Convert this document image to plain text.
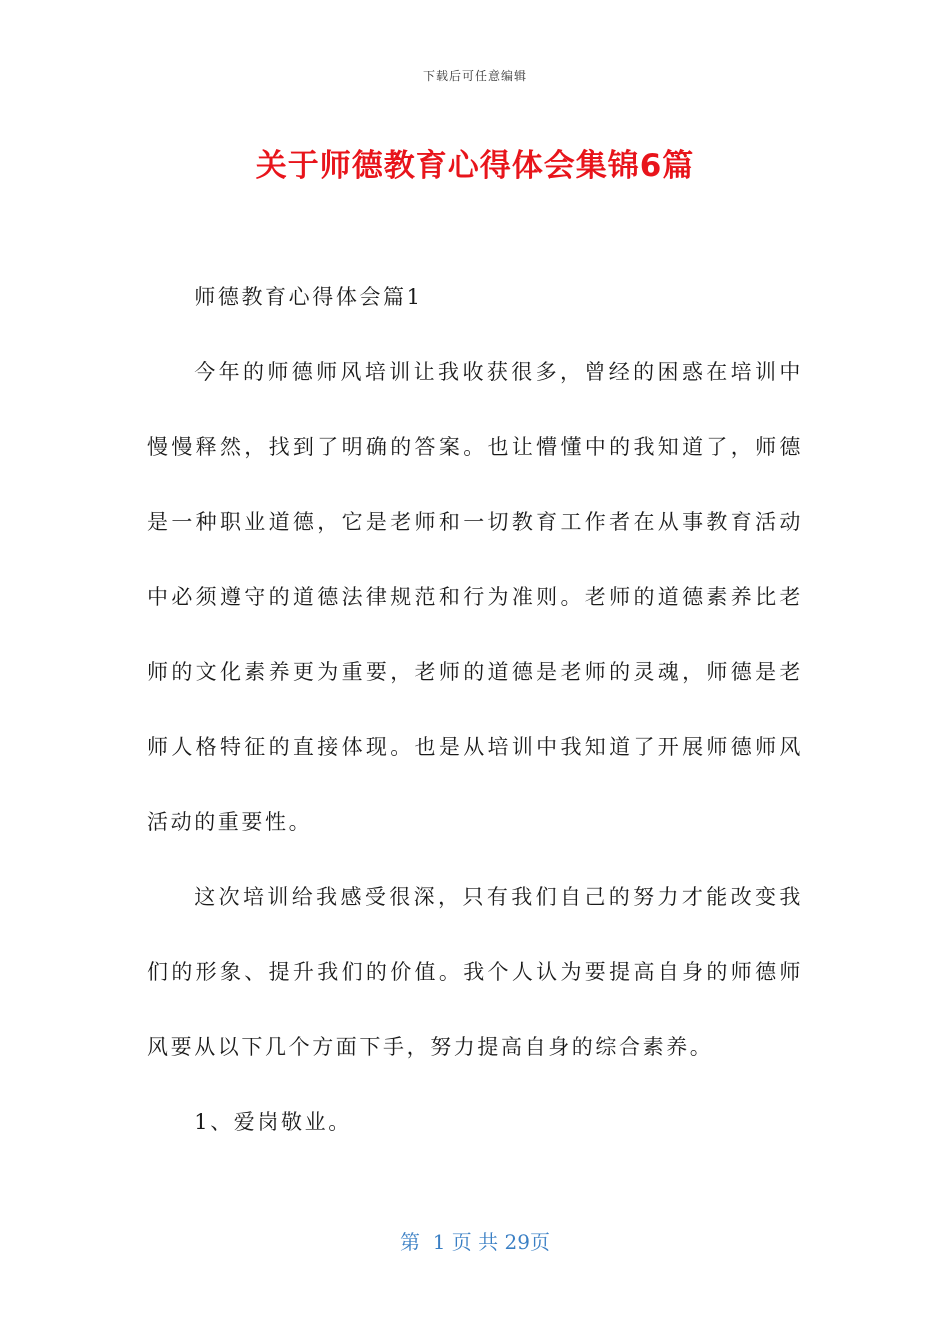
下载后可任意编辑
关于师德教育心得体会集锦6篇

师德教育心得体会篇1

今年的师德师风培训让我收获很多，曾经的困惑在培训中慢慢释然，找到了明确的答案。也让懵懂中的我知道了，师德是一种职业道德，它是老师和一切教育工作者在从事教育活动中必须遵守的道德法律规范和行为准则。老师的道德素养比老师的文化素养更为重要，老师的道德是老师的灵魂，师德是老师人格特征的直接体现。也是从培训中我知道了开展师德师风活动的重要性。

这次培训给我感受很深，只有我们自己的努力才能改变我们的形象、提升我们的价值。我个人认为要提高自身的师德师风要从以下几个方面下手，努力提高自身的综合素养。

1、爱岗敬业。

第  1 页 共 29页
